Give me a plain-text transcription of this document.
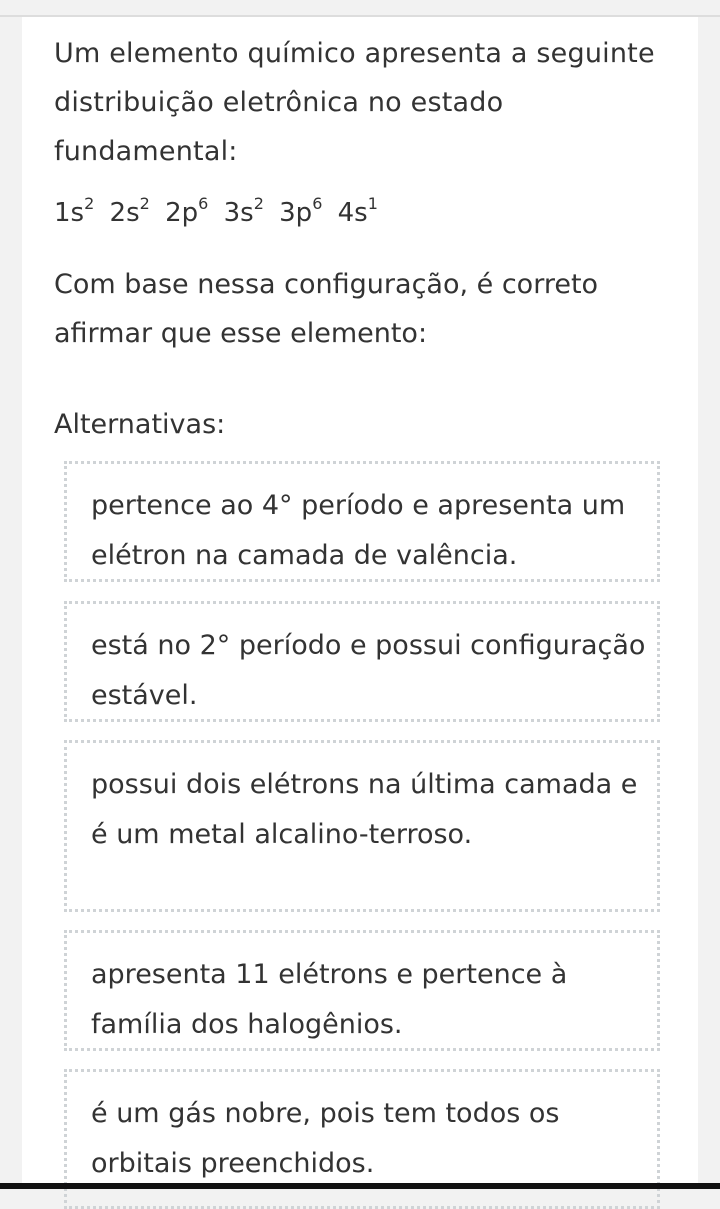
Um elemento químico apresenta a seguinte distribuição eletrônica no estado fundamental:
$1s^2$ $2s^2$ $2p^6$ $3s^2$ $3p^6$ $4s^1$
Com base nessa configuração, é correto afirmar que esse elemento:
Alternativas:
pertence ao 4° período e apresenta um elétron na camada de valência.
está no 2° período e possui configuração estável.
possui dois elétrons na última camada e é um metal alcalino-terroso.
apresenta 11 elétrons e pertence à família dos halogênios.
é um gás nobre, pois tem todos os orbitais preenchidos.
